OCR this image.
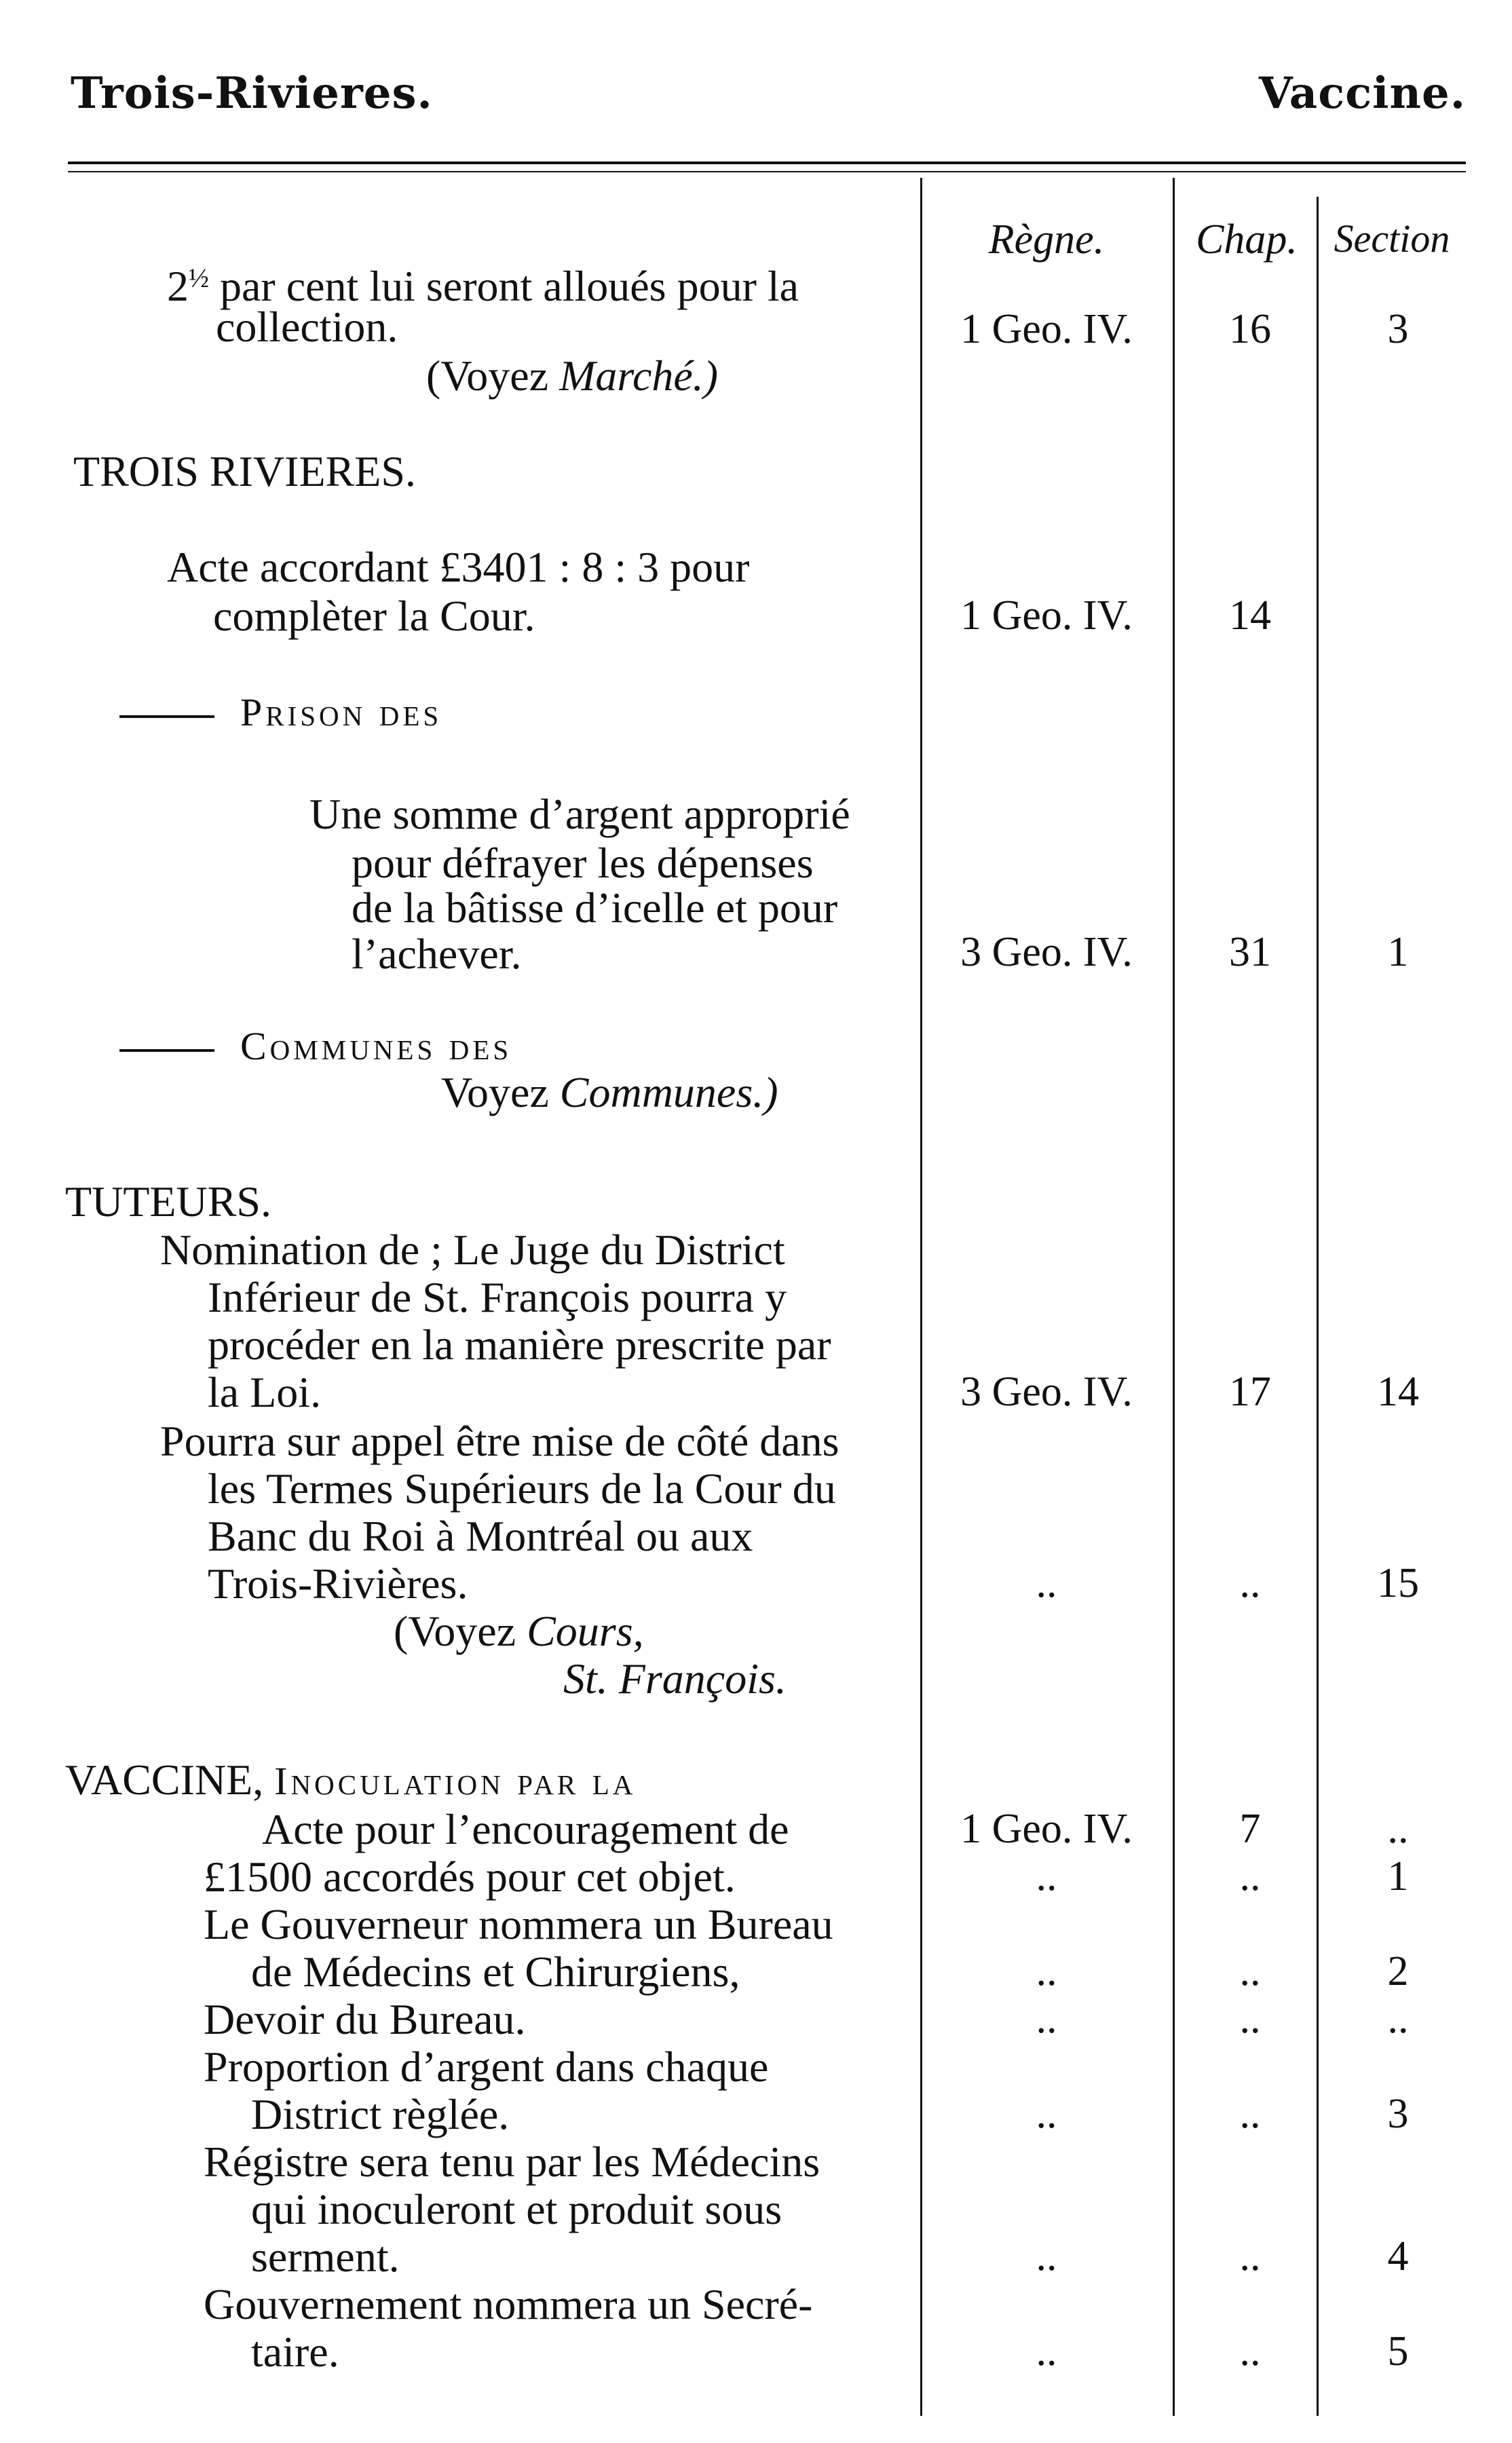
Trois-Rivieres.	Vaccine.
Règne.	Chap. Section
$2^{\frac{1}{2}}$ par cent lui seront alloués pour la
collection.
(Voyez Marché.)
1 Geo. IV.	16	3
TROIS RIVIERES.
Acte accordant £3401 : 8 : 3 pour
complèter la Cour.	1 Geo. IV.	14
Prison des
Une somme d’argent approprié
pour défrayer les dépenses
de la bâtisse d’icelle et pour
l’achever.	3 Geo. IV.	31	1
Communes des
Voyez Communes.)
TUTEURS.
Nomination de ; Le Juge du District
Inférieur de St. François pourra y
procéder en la manière prescrite par
la Loi.	3 Geo. IV.	17	14
Pourra sur appel être mise de côté dans
les Termes Supérieurs de la Cour du
Banc du Roi à Montréal ou aux
Trois-Rivières.	..	..	15
(Voyez Cours,
St. François.
VACCINE, Inoculation par la
Acte pour l’encouragement de	1 Geo. IV.	7	..
£1500 accordés pour cet objet.	..	..	1
Le Gouverneur nommera un Bureau
de Médecins et Chirurgiens,	..	..	2
Devoir du Bureau.	..	..	..
Proportion d’argent dans chaque
District règlée.	..	..	3
Régistre sera tenu par les Médecins
qui inoculeront et produit sous
serment.	..	..	4
Gouvernement nommera un Secré-
taire.	..	..	5
